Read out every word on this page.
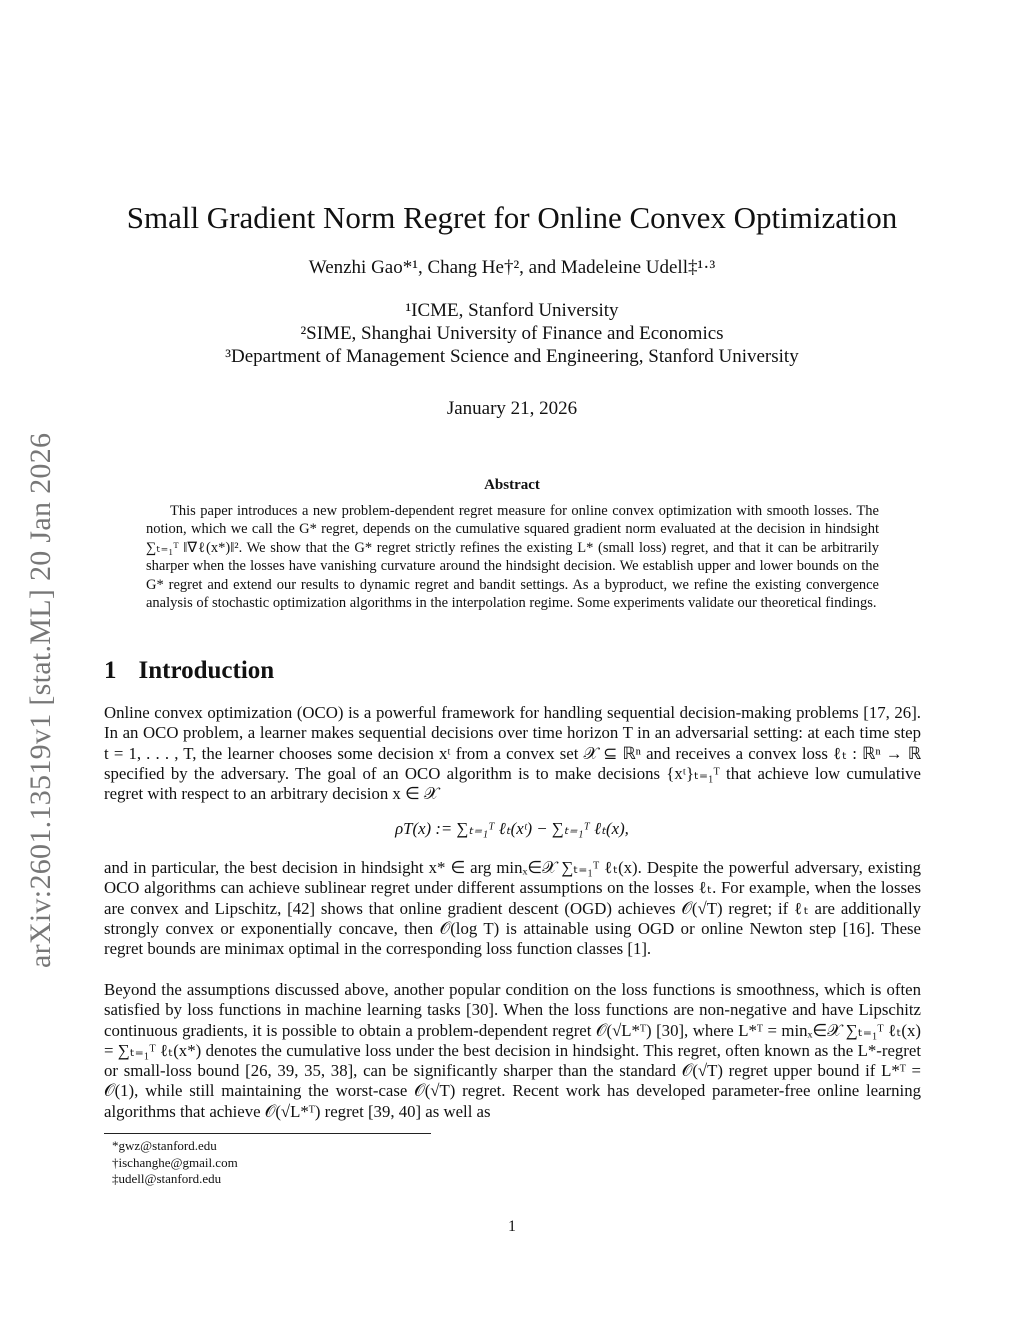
arXiv:2601.13519v1 [stat.ML] 20 Jan 2026
Small Gradient Norm Regret for Online Convex Optimization
Wenzhi Gao*¹, Chang He†², and Madeleine Udell‡¹·³
¹ICME, Stanford University
²SIME, Shanghai University of Finance and Economics
³Department of Management Science and Engineering, Stanford University
January 21, 2026
Abstract
This paper introduces a new problem-dependent regret measure for online convex optimization with smooth losses. The notion, which we call the G* regret, depends on the cumulative squared gradient norm evaluated at the decision in hindsight ∑ₜ₌₁ᵀ ‖∇ℓ(x*)‖². We show that the G* regret strictly refines the existing L* (small loss) regret, and that it can be arbitrarily sharper when the losses have vanishing curvature around the hindsight decision. We establish upper and lower bounds on the G* regret and extend our results to dynamic regret and bandit settings. As a byproduct, we refine the existing convergence analysis of stochastic optimization algorithms in the interpolation regime. Some experiments validate our theoretical findings.
1 Introduction
Online convex optimization (OCO) is a powerful framework for handling sequential decision-making problems [17, 26]. In an OCO problem, a learner makes sequential decisions over time horizon T in an adversarial setting: at each time step t = 1, . . . , T, the learner chooses some decision xᵗ from a convex set 𝒳 ⊆ ℝⁿ and receives a convex loss ℓₜ : ℝⁿ → ℝ specified by the adversary. The goal of an OCO algorithm is to make decisions {xᵗ}ₜ₌₁ᵀ that achieve low cumulative regret with respect to an arbitrary decision x ∈ 𝒳
ρT(x) := ∑ₜ₌₁ᵀ ℓₜ(xᵗ) − ∑ₜ₌₁ᵀ ℓₜ(x),
and in particular, the best decision in hindsight x* ∈ arg minₓ∈𝒳 ∑ₜ₌₁ᵀ ℓₜ(x). Despite the powerful adversary, existing OCO algorithms can achieve sublinear regret under different assumptions on the losses ℓₜ. For example, when the losses are convex and Lipschitz, [42] shows that online gradient descent (OGD) achieves 𝒪(√T) regret; if ℓₜ are additionally strongly convex or exponentially concave, then 𝒪(log T) is attainable using OGD or online Newton step [16]. These regret bounds are minimax optimal in the corresponding loss function classes [1].
Beyond the assumptions discussed above, another popular condition on the loss functions is smoothness, which is often satisfied by loss functions in machine learning tasks [30]. When the loss functions are non-negative and have Lipschitz continuous gradients, it is possible to obtain a problem-dependent regret 𝒪(√L*ᵀ) [30], where L*ᵀ = minₓ∈𝒳 ∑ₜ₌₁ᵀ ℓₜ(x) = ∑ₜ₌₁ᵀ ℓₜ(x*) denotes the cumulative loss under the best decision in hindsight. This regret, often known as the L*-regret or small-loss bound [26, 39, 35, 38], can be significantly sharper than the standard 𝒪(√T) regret upper bound if L*ᵀ = 𝒪(1), while still maintaining the worst-case 𝒪(√T) regret. Recent work has developed parameter-free online learning algorithms that achieve 𝒪(√L*ᵀ) regret [39, 40] as well as
*gwz@stanford.edu
†ischanghe@gmail.com
‡udell@stanford.edu
1
